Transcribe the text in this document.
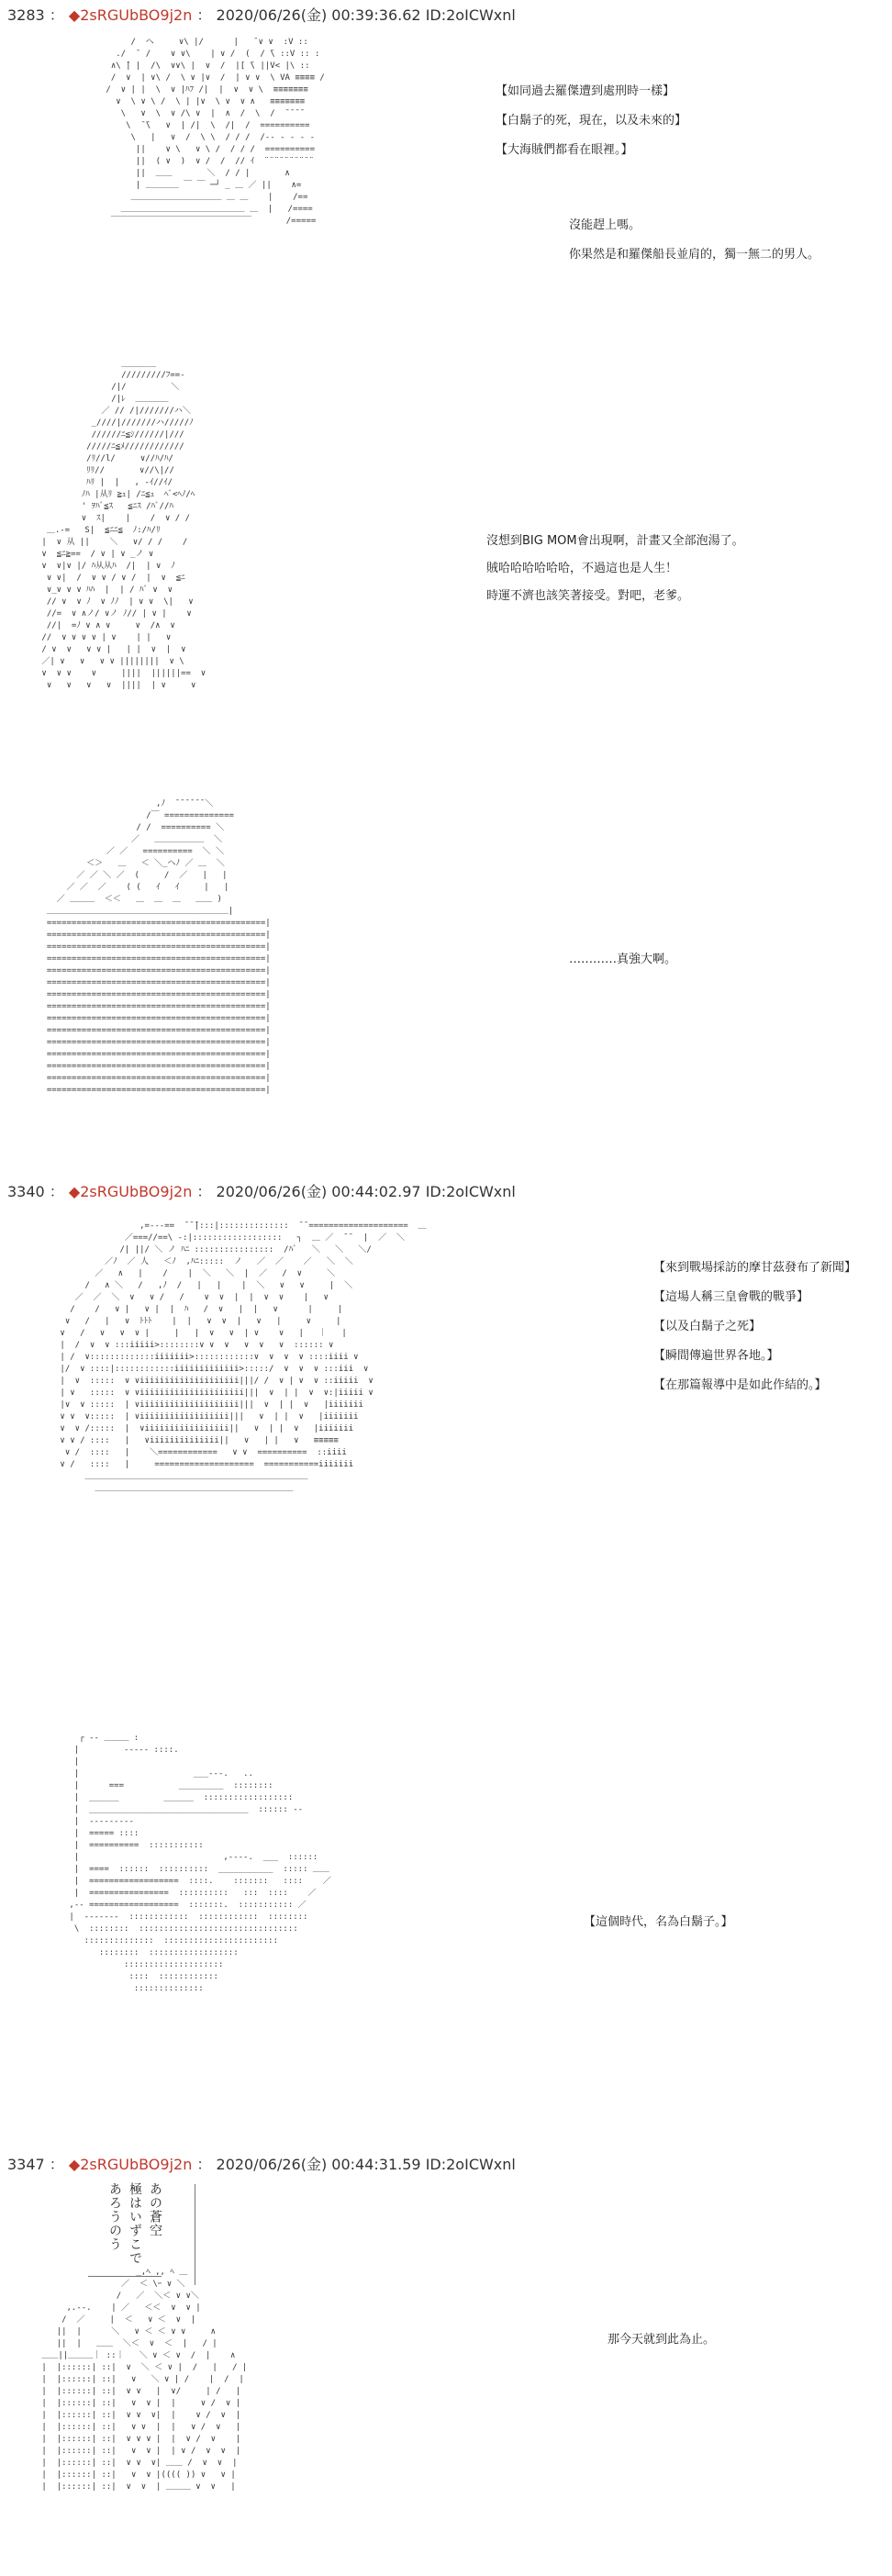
3283 ： ◆2sRGUbBO9j2n ： 2020/06/26(金) 00:39:36.62 ID:2oICWxnl
/  ヘ     ∨\ |/      |   ̄ ∨ ∨  :V ::
./  ̄  /    ∨ ∨\    | ∨ /  (  / ̄\ ::V :: :
∧\ ̄| |  /\  ∨∨\ |  ∨  /  |[ ̄\ ||V< |\ ::
/  ∨  | ∨\ /  \ ∨ |∨  /  | ∨ ∨  \ VA ≡≡≡≡ /
/  ∨ | |  \  ∨ |ﾊﾌ /|  |  ∨  ∨ \  ≡≡≡≡≡≡≡
∨  \ ∨ \ /  \ | |∨  \ ∨  ∨ ∧   ≡≡≡≡≡≡≡
\   ∨  \  ∨ /\ ∨  |  ∧  /  \  /  ̄ ̄ ̄ ̄
\  ̄ ̄\   ∨  | /|  \  /|  /  ==========
\   |   ∨  /  \ \  / / /  /-- - - - -
||    ∨ \   ∨ \ /  / / /  ==========
||  ( ∨  )  ∨ /  /  // ｲ  ¨¨¨¨¨¨¨¨¨¨
||  ＿＿       ＼  / / |       ∧
| ＿＿＿＿ ￣ ￣ ─┘ _ ＿ ／ ||    ∧=
＿＿＿＿＿＿＿＿＿＿＿ ＿ ＿    |    /==
＿＿＿＿＿＿＿＿＿＿＿＿＿＿＿ ＿  |   /====
￣￣￣￣￣￣￣￣￣￣￣￣￣￣￣￣￣       /=====

【如同過去羅傑遭到處刑時一樣】
【白鬍子的死，現在，以及未來的】
【大海賊們都看在眼裡。】
沒能趕上嗎。
你果然是和羅傑船長並肩的，獨一無二的男人。
_______
/////////ﾌ==-
/|/         ＼
/|ﾚ  ＿＿＿＿
／ // /|///////ハ＼
_////|///////ハ/////ﾉ
//////ﾆ≦ｼ//////|///
/////ﾆ≦ﾒ////////////
/ﾘ//l/     ∨//ﾊ/ﾊ/
ﾘﾘ//       ∨//\|//
ﾊﾘ |  |   , -ｲ//ｲ/
ﾉﾊ |从ﾘ ≧ｭ| /ﾆ≦ｭ  ﾍﾞ<ﾍﾉ/ﾍ
' ｦﾊﾞ≦ｽ   ≦ﾆｽ /ﾊﾞ//ﾊ
∨  ｽ|    |    /  ∨ / /
＿.-=   S|  ≦ﾆﾆ≦  ﾉ:/ﾊ/ﾘ
|  ∨ 从 ||    ＼   ∨/ / /    /
∨  ≦ﾆ≧==  / ∨ | ∨ _ノ ∨
∨  ∨|∨ |/ ﾊ从从ﾊ  /|  | ∨  ﾉ
∨ ∨|  /  ∨ ∨ / ∨ /  |  ∨  ≦ﾆ
∨_∨ ∨ ∨ ﾊﾊ  |  | / ﾊﾞ ∨  ∨
// ∨  ∨ ﾉ  ∨ ﾉﾉ  | ∨ ∨  \|   ∨
//=  ∨ ∧ノ/ ∨ノ ﾉ// | ∨ |    ∨
//|  =ﾉ ∨ ∧ ∨     ∨  /∧  ∨
//  ∨ ∨ ∨ ∨ | ∨    | |   ∨
/ ∨  ∨   ∨ ∨ |   | |  ∨  |  ∨
／| ∨   ∨   ∨ ∨ ||||||||  ∨ \
∨  ∨ ∨    ∨     ||||  ||||||==  ∨
∨   ∨   ∨   ∨  ||||  | ∨     ∨

沒想到BIG MOM會出現啊，計畫又全部泡湯了。
賊哈哈哈哈哈哈，不過這也是人生！
時運不濟也該笑著接受。對吧，老爹。
,ﾉ  ̄ ̄ ̄ ̄ ̄ ̄ ＼
/￣ ==============
/ /  ========== ＼
／   ＿＿＿＿＿＿  ＼
／ ／   ==========  ＼ ＼
＜＞   ＿   ＜ ＼_ヘﾉ ／ ＿  ＼
／ ／ ＼ ／  (     /  ／   |   |
／ ／  ／    ( (   ｲ   ｲ     |   |
／ ＿＿＿  ＜＜   ＿  ＿  ＿   ＿＿ )
＿＿＿＿＿＿＿＿＿＿＿＿＿＿＿＿＿＿＿＿＿＿|
============================================|
============================================|
============================================|
============================================|
============================================|
============================================|
============================================|
============================================|
============================================|
============================================|
============================================|
============================================|
============================================|
============================================|
============================================|

…………真強大啊。
3340 ： ◆2sRGUbBO9j2n ： 2020/06/26(金) 00:44:02.97 ID:2oICWxnl
,=---==  ̄ ̄ ̄|:::|::::::::::::::  ̄ ̄ ====================  ＿
／===//==\ -:|::::::::::::::::::   ┐  ＿ ／  ̄ ̄   |  ／  ＼
/| ||/ ＼ ノ ﾊﾆ ::::::::::::::::  /ﾊﾞ   ＼   ＼   ＼/
／ﾉ  ／ 人   ＜ﾉ  ,ﾊﾆ:::::  ノ   ／  ／    ／   ＼  ＼
／   ∧   |    /    |  ＼   ＼  |  ／   /  ∨     ＼
/   ∧ ＼   /   ,ﾉ  /   |   |    |  ＼   ∨   ∨     |  ＼
／  ／  ＼  ∨   ∨ /   /    ∨  ∨  |  |  ∨  ∨    |   ∨
/    /   ∨ |   ∨ |  |  ﾊ   /  ∨   |  |   ∨      |     |
∨   /   |   ∨  ﾄﾄﾄ    |  |   ∨  ∨  |   ∨   |     ∨     |
∨   /   ∨   ∨  ∨ |     |   |  ∨   ∨  | ∨    ∨   |   ｜   |
|  /  ∨  ∨ :::iiiii>::::::::∨ ∨  ∨   ∨  ∨   ∨  :::::: ∨
| /  ∨:::::::::::::iiiiiii>::::::::::::∨  ∨  ∨  ∨ ::::iiii ∨
|/  ∨ ::::|::::::::::::iiiiiiiiiiiii>:::::/  ∨  ∨  ∨ :::iii  ∨
|  ∨  :::::  ∨ ∨iiiiiiiiiiiiiiiiiiii|||/ /  ∨ | ∨  ∨ ::iiiii  ∨
| ∨   :::::  ∨ ∨iiiiiiiiiiiiiiiiiiiii|||  ∨  | |  ∨  ∨:|iiiii ∨
|∨  ∨ :::::  | ∨iiiiiiiiiiiiiiiiiiii|||  ∨  | |  ∨   |iiiiiii
∨ ∨  ∨:::::  | ∨iiiiiiiiiiiiiiiiii|||   ∨  | |  ∨   |iiiiiii
∨  ∨ /:::::  |  ∨iiiiiiiiiiiiiiiii||   ∨  | |  ∨   |iiiiiii
∨ ∨ / ::::   |   ∨iiiiiiiiiiiiii||   ∨   | |   ∨   ≡≡≡≡≡
∨ /  ::::   |    ＼============   ∨ ∨  ==========  ::iiii
∨ /   ::::   |     ====================  ===========iiiiiii
＿＿＿＿＿＿＿＿＿＿＿＿＿＿＿＿＿＿＿＿＿＿＿＿＿＿＿
＿＿＿＿＿＿＿＿＿＿＿＿＿＿＿＿＿＿＿＿＿＿＿＿

【來到戰場採訪的摩甘茲發布了新聞】
【這場人稱三皇會戰的戰爭】
【以及白鬍子之死】
【瞬間傳遍世界各地。】
【在那篇報導中是如此作結的。】
┌ -- ＿＿＿ :
|         ----- ::::.
|
|                       ___---.   ..
|      ===           _________  ::::::::
|  ______         ______  ::::::::::::::::::
|  ________________________________  :::::: --
|  ---------
|  ===== ::::
|  ==========  :::::::::::
|                             ,----.  ___  ::::::
|  ====  ::::::  ::::::::::  ___________  ::::: ＿＿
|  ==================  ::::.    :::::::   ::::    ／
|  ================  ::::::::::   :::  ::::    ／
,-- ==================  :::::::.  ::::::::::: ／
|  -------  ::::::::::::  ::::::::::::  ::::::::
\  ::::::::  ::::::::::::::::::::::::::::::::
::::::::::::::  :::::::::::::::::::::::
::::::::  ::::::::::::::::::
::::::::::::::::::::
::::  ::::::::::::
::::::::::::::

【這個時代，名為白鬍子。】
3347 ： ◆2sRGUbBO9j2n ： 2020/06/26(金) 00:44:31.59 ID:2oICWxnl
あの蒼空
極はいずこで
あろうのう
_,ﾍ ,, ﾍ ＿
／  ＜ \ｰ ∨ ＼
/   ／  ＼＜ ∨ ∨＼
,.--.    | ／   ＜＜  ∨  ∨ |
/  ／     |  ＜   ∨ ＜  ∨  |
||  |      ＼   ∨ ＜ ＜ ∨ ∨     ∧
||  |   ＿＿  ＼＜  ∨  ＜  |   / |
＿＿||＿＿＿｜ ::｜   ＼ ∨ ＜ ∨  /  |    ∧
|  |::::::| ::|  ∨  ＼ ＜ ∨ |  /   |   / |
|  |::::::| ::|   ∨   ＼ ∨ | /    |  /  |
|  |::::::| ::|  ∨ ∨   |  ∨/     | /   |
|  |::::::| ::|   ∨  ∨ |  |     ∨ /  ∨ |
|  |::::::| ::|  ∨ ∨  ∨|  |    ∨ /  ∨  |
|  |::::::| ::|   ∨ ∨  |  |   ∨ /  ∨   |
|  |::::::| ::|  ∨ ∨ ∨ |  |  ∨ /  ∨    |
|  |::::::| ::|   ∨  ∨ |  | ∨ /  ∨  ∨  |
|  |::::::| ::|  ∨ ∨  ∨| ＿＿ /  ∨  ∨  |
|  |::::::| ::|   ∨  ∨ |(((( )) ∨   ∨ |
|  |::::::| ::|  ∨  ∨  | ＿＿＿ ∨  ∨   |

那今天就到此為止。
